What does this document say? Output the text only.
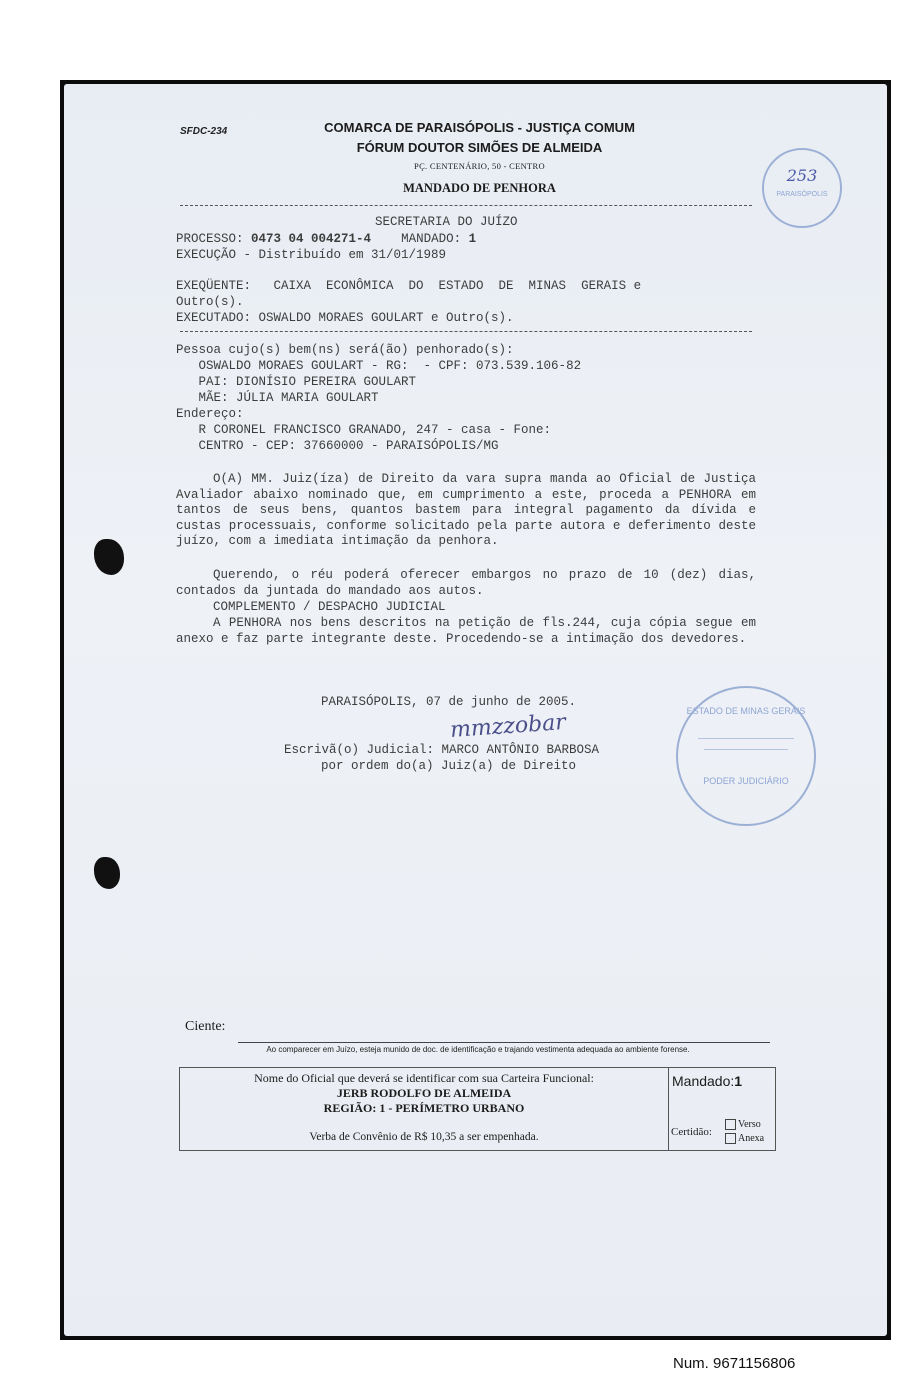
SFDC-234	COMARCA DE PARAISÓPOLIS - JUSTIÇA COMUM
FÓRUM DOUTOR SIMÕES DE ALMEIDA
PÇ. CENTENÁRIO, 50 - CENTRO
MANDADO DE PENHORA
SECRETARIA DO JUÍZO
PROCESSO: 0473 04 004271-4 MANDADO: 1
EXECUÇÃO - Distribuído em 31/01/1989
EXEQÜENTE:   CAIXA  ECONÔMICA  DO  ESTADO  DE  MINAS  GERAIS e
Outro(s).
EXECUTADO: OSWALDO MORAES GOULART e Outro(s).
Pessoa cujo(s) bem(ns) será(ão) penhorado(s):
OSWALDO MORAES GOULART - RG:  - CPF: 073.539.106-82
PAI: DIONÍSIO PEREIRA GOULART
MÃE: JÚLIA MARIA GOULART
Endereço:
R CORONEL FRANCISCO GRANADO, 247 - casa - Fone:
CENTRO - CEP: 37660000 - PARAISÓPOLIS/MG
O(A) MM. Juiz(íza) de Direito da vara supra manda ao Oficial de Justiça Avaliador abaixo nominado que, em cumprimento a este, proceda a PENHORA em tantos de seus bens, quantos bastem para integral pagamento da dívida e custas processuais, conforme solicitado pela parte autora e deferimento deste juízo, com a imediata intimação da penhora.
Querendo, o réu poderá oferecer embargos no prazo de 10 (dez) dias, contados da juntada do mandado aos autos.
COMPLEMENTO / DESPACHO JUDICIAL
A PENHORA nos bens descritos na petição de fls.244, cuja cópia segue em anexo e faz parte integrante deste. Procedendo-se a intimação dos devedores.
PARAISÓPOLIS, 07 de junho de 2005.
mmzzobar
Escrivã(o) Judicial: MARCO ANTÔNIO BARBOSA
por ordem do(a) Juiz(a) de Direito
253
PARAISÓPOLIS
ESTADO DE MINAS GERAIS
PODER JUDICIÁRIO
Ciente:
Ao comparecer em Juízo, esteja munido de doc. de identificação e trajando vestimenta adequada ao ambiente forense.
Nome do Oficial que deverá se identificar com sua Carteira Funcional:
JERB RODOLFO DE ALMEIDA
REGIÃO: 1 - PERÍMETRO URBANO
Verba de Convênio de R$ 10,35 a ser empenhada.
Mandado:1
Certidão:
Verso
Anexa
Num. 9671156806
